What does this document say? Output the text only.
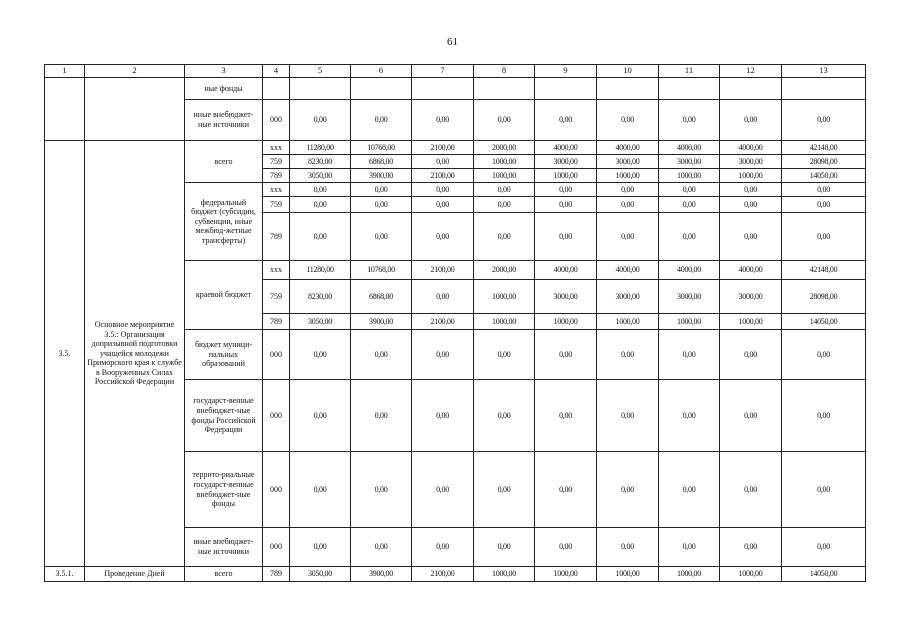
61
1	2	3	4	5	6	7	8	9	10	11	12	13
		ные фонды										
		иные внебюджет-ные источники	000	0,00	0,00	0,00	0,00	0,00	0,00	0,00	0,00	0,00
3.5.	Основное мероприятие 3.5.: Организация допризывной подготовки учащейся молодежи Приморского края к службе в Вооруженных Силах Российской Федерации	всего	xxx	11280,00	10768,00	2100,00	2000,00	4000,00	4000,00	4000,00	4000,00	42148,00
			759	8230,00	6868,00	0,00	1000,00	3000,00	3000,00	3000,00	3000,00	28098,00
			789	3050,00	3900,00	2100,00	1000,00	1000,00	1000,00	1000,00	1000,00	14050,00
		федеральный бюджет (субсидии, субвенции, иные межбюд-жетные трансферты)	xxx	0,00	0,00	0,00	0,00	0,00	0,00	0,00	0,00	0,00
			759	0,00	0,00	0,00	0,00	0,00	0,00	0,00	0,00	0,00
			789	0,00	0,00	0,00	0,00	0,00	0,00	0,00	0,00	0,00
		краевой бюджет	xxx	11280,00	10768,00	2100,00	2000,00	4000,00	4000,00	4000,00	4000,00	42148,00
			759	8230,00	6868,00	0,00	1000,00	3000,00	3000,00	3000,00	3000,00	28098,00
			789	3050,00	3900,00	2100,00	1000,00	1000,00	1000,00	1000,00	1000,00	14050,00
		бюджет муници-пальных образований	000	0,00	0,00	0,00	0,00	0,00	0,00	0,00	0,00	0,00
		государст-венные внебюджет-ные фонды Российской Федерации	000	0,00	0,00	0,00	0,00	0,00	0,00	0,00	0,00	0,00
		террито-риальные государст-венные внебюджет-ные фонды	000	0,00	0,00	0,00	0,00	0,00	0,00	0,00	0,00	0,00
		иные внебюджет-ные источники	000	0,00	0,00	0,00	0,00	0,00	0,00	0,00	0,00	0,00
3.5.1.	Проведение Дней	всего	789	3050,00	3900,00	2100,00	1000,00	1000,00	1000,00	1000,00	1000,00	14050,00
